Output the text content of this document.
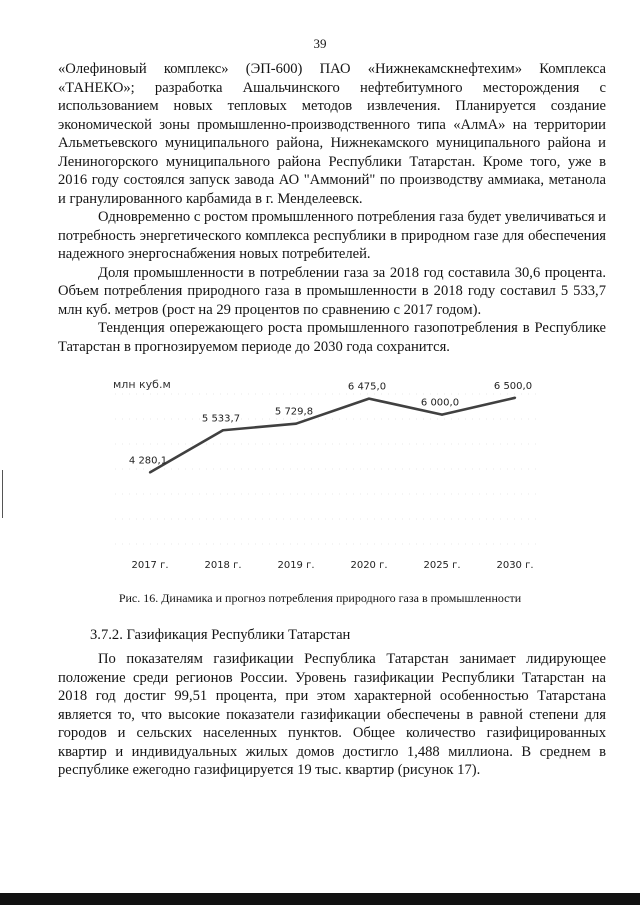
39

«Олефиновый комплекс» (ЭП-600) ПАО «Нижнекамскнефтехим» Комплекса «ТАНЕКО»; разработка Ашальчинского нефтебитумного месторождения с использованием новых тепловых методов извлечения. Планируется создание экономической зоны промышленно-производственного типа «АлмА» на территории Альметьевского муниципального района, Нижнекамского муниципального района и Лениногорского муниципального района Республики Татарстан. Кроме того, уже в 2016 году состоялся запуск завода АО "Аммоний" по производству аммиака, метанола и гранулированного карбамида в г. Менделеевск.

Одновременно с ростом промышленного потребления газа будет увеличиваться и потребность энергетического комплекса республики в природном газе для обеспечения надежного энергоснабжения новых потребителей.

Доля промышленности в потреблении газа за 2018 год составила 30,6 процента. Объем потребления природного газа в промышленности в 2018 году составил 5 533,7 млн куб. метров (рост на 29 процентов по сравнению с 2017 годом).

Тенденция опережающего роста промышленного газопотребления в Республике Татарстан в прогнозируемом периоде до 2030 года сохранится.

млн куб.м
4 280,1
5 533,7
5 729,8
6 475,0
6 000,0
6 500,0
2017 г.	2018 г.	2019 г.	2020 г.	2025 г.	2030 г.
Рис. 16. Динамика и прогноз потребления природного газа в промышленности
3.7.2. Газификация Республики Татарстан

По показателям газификации Республика Татарстан занимает лидирующее положение среди регионов России. Уровень газификации Республики Татарстан на 2018 год достиг 99,51 процента, при этом характерной особенностью Татарстана является то, что высокие показатели газификации обеспечены в равной степени для городов и сельских населенных пунктов. Общее количество газифицированных квартир и индивидуальных жилых домов достигло 1,488 миллиона. В среднем в республике ежегодно газифицируется 19 тыс. квартир (рисунок 17).
